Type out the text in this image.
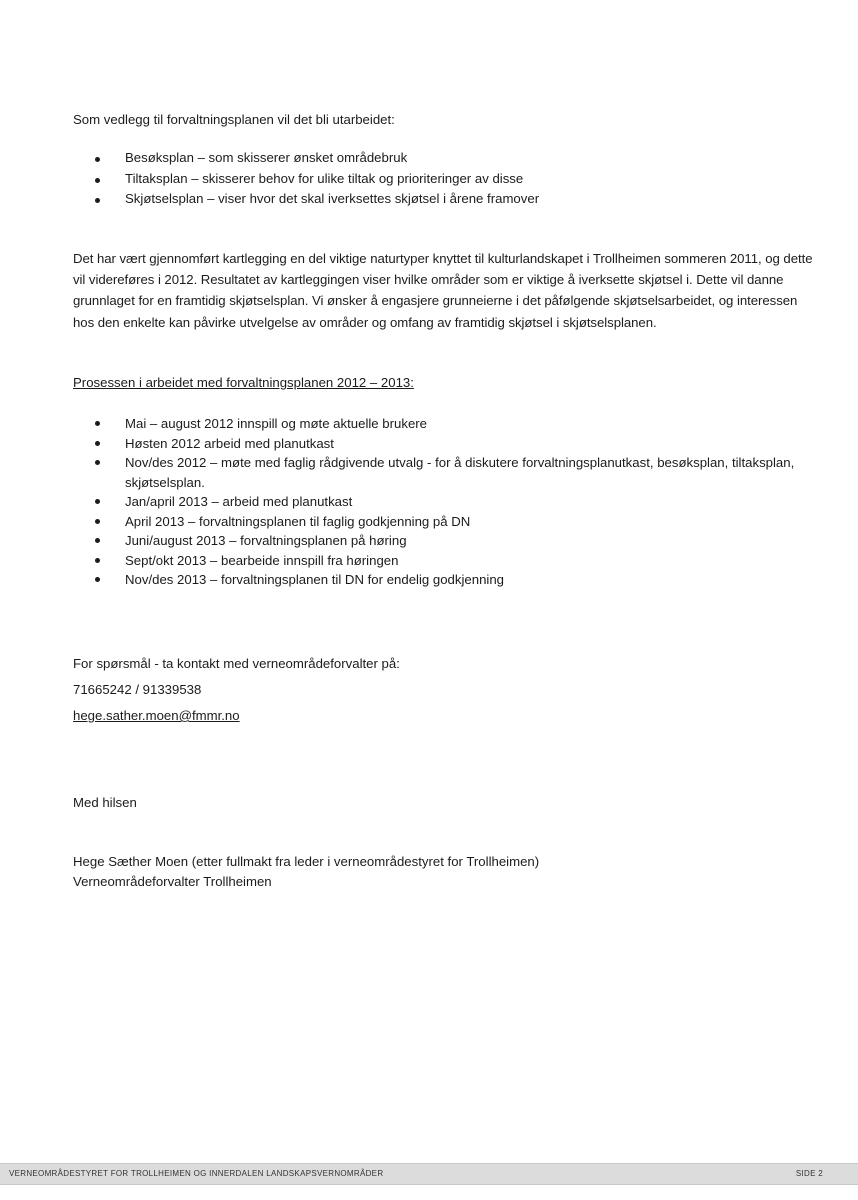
Som vedlegg til forvaltningsplanen vil det bli utarbeidet:

Besøksplan – som skisserer ønsket områdebruk
Tiltaksplan – skisserer behov for ulike tiltak og prioriteringer av disse
Skjøtselsplan – viser hvor det skal iverksettes skjøtsel i årene framover

Det har vært gjennomført kartlegging en del viktige naturtyper knyttet til kulturlandskapet i Trollheimen sommeren 2011, og dette vil videreføres i 2012. Resultatet av kartleggingen viser hvilke områder som er viktige å iverksette skjøtsel i. Dette vil danne grunnlaget for en framtidig skjøtselsplan. Vi ønsker å engasjere grunneierne i det påfølgende skjøtselsarbeidet, og interessen hos den enkelte kan påvirke utvelgelse av områder og omfang av framtidig skjøtsel i skjøtselsplanen.

Prosessen i arbeidet med forvaltningsplanen 2012 – 2013:

Mai – august 2012 innspill og møte aktuelle brukere
Høsten 2012 arbeid med planutkast
Nov/des 2012 – møte med faglig rådgivende utvalg - for å diskutere forvaltningsplanutkast, besøksplan, tiltaksplan, skjøtselsplan.
Jan/april 2013 – arbeid med planutkast
April 2013 – forvaltningsplanen til faglig godkjenning på DN
Juni/august 2013 – forvaltningsplanen på høring
Sept/okt 2013 – bearbeide innspill fra høringen
Nov/des 2013 – forvaltningsplanen til DN for endelig godkjenning

For spørsmål - ta kontakt med verneområdeforvalter på:

71665242 / 91339538

hege.sather.moen@fmmr.no

Med hilsen

Hege Sæther Moen (etter fullmakt fra leder i verneområdestyret for Trollheimen)

Verneområdeforvalter Trollheimen

VERNEOMRÅDESTYRET FOR TROLLHEIMEN OG INNERDALEN LANDSKAPSVERNOMRÅDER	SIDE 2
